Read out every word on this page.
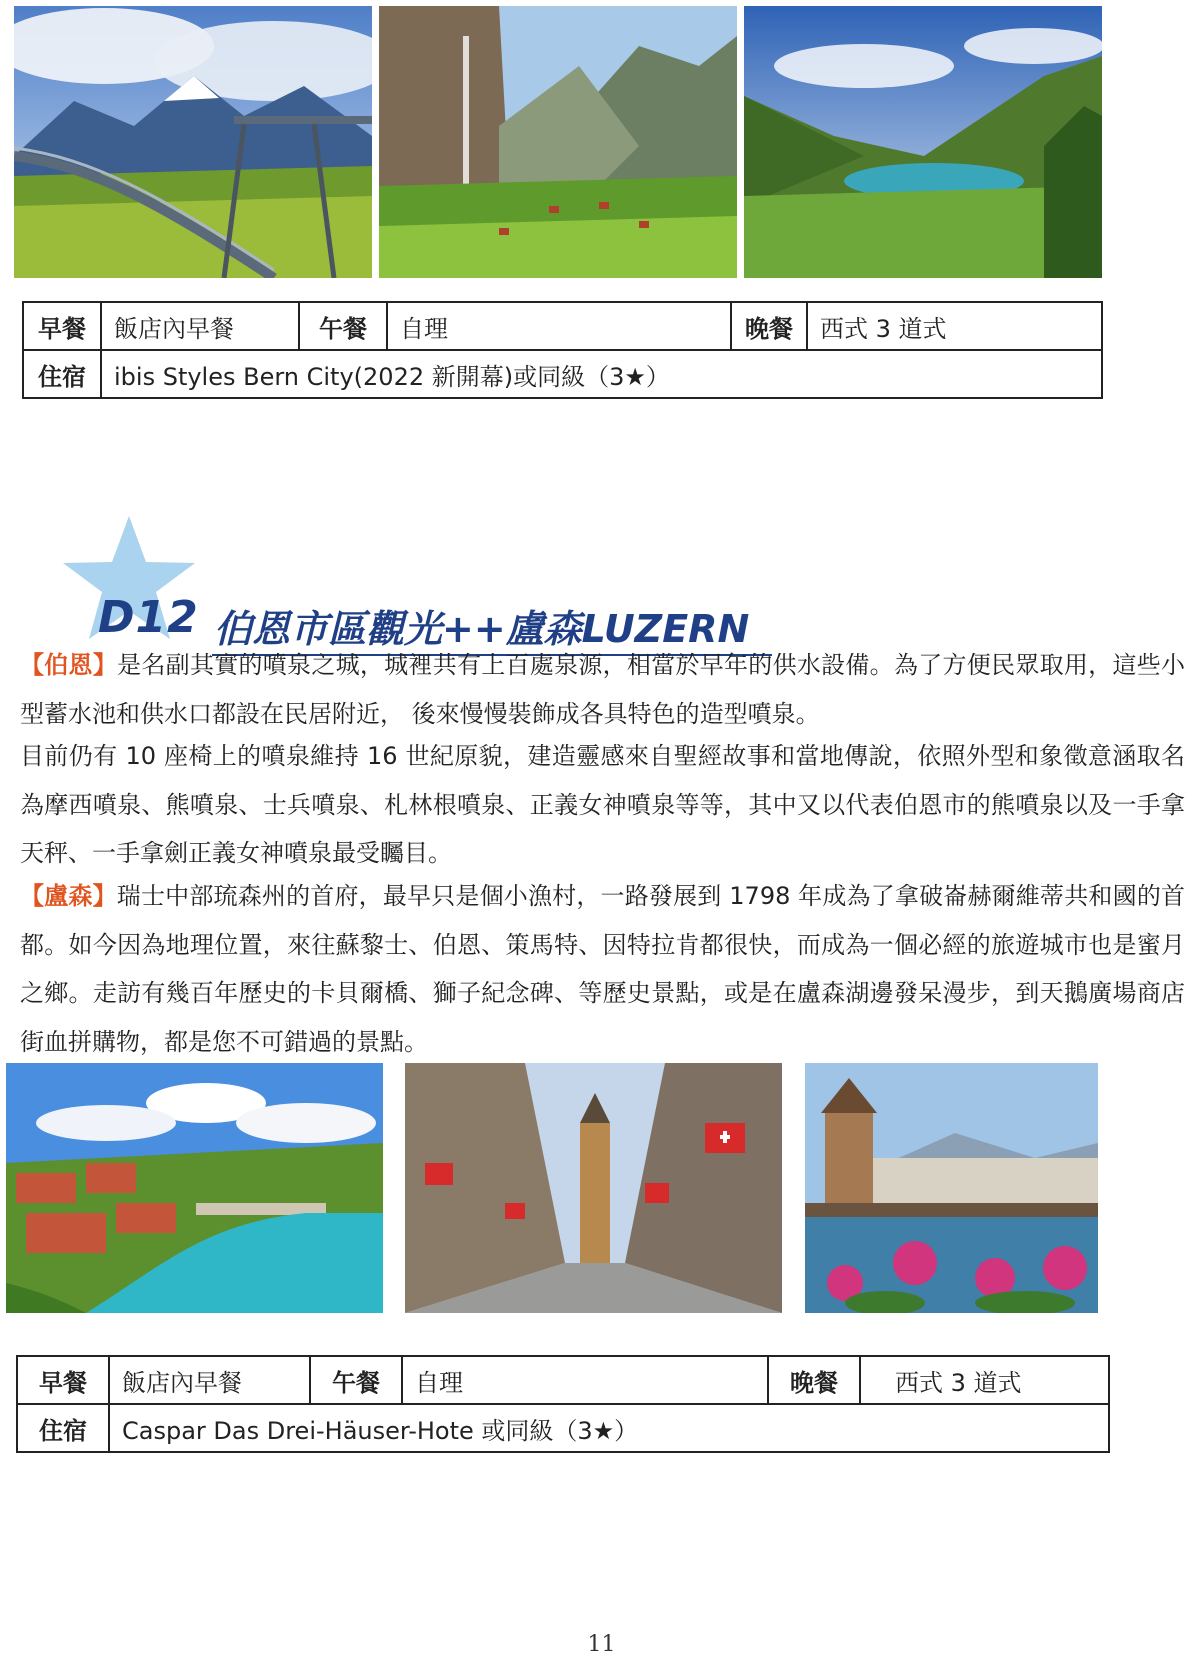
早餐	飯店內早餐	午餐	自理	晚餐	西式 3 道式
住宿	ibis Styles Bern City(2022 新開幕)或同級（3★）				
D12 伯恩市區觀光++盧森LUZERN

【伯恩】是名副其實的噴泉之城，城裡共有上百處泉源，相當於早年的供水設備。為了方便民眾取用，這些小型蓄水池和供水口都設在民居附近， 後來慢慢裝飾成各具特色的造型噴泉。

目前仍有 10 座椅上的噴泉維持 16 世紀原貌，建造靈感來自聖經故事和當地傳說，依照外型和象徵意涵取名為摩西噴泉、熊噴泉、士兵噴泉、札林根噴泉、正義女神噴泉等等，其中又以代表伯恩市的熊噴泉以及一手拿天秤、一手拿劍正義女神噴泉最受矚目。

【盧森】瑞士中部琉森州的首府，最早只是個小漁村，一路發展到 1798 年成為了拿破崙赫爾維蒂共和國的首都。如今因為地理位置，來往蘇黎士、伯恩、策馬特、因特拉肯都很快，而成為一個必經的旅遊城市也是蜜月之鄉。走訪有幾百年歷史的卡貝爾橋、獅子紀念碑、等歷史景點，或是在盧森湖邊發呆漫步，到天鵝廣場商店街血拼購物，都是您不可錯過的景點。

早餐	飯店內早餐	午餐	自理	晚餐	西式 3 道式
住宿	Caspar Das Drei-Häuser-Hote 或同級（3★）				
11
